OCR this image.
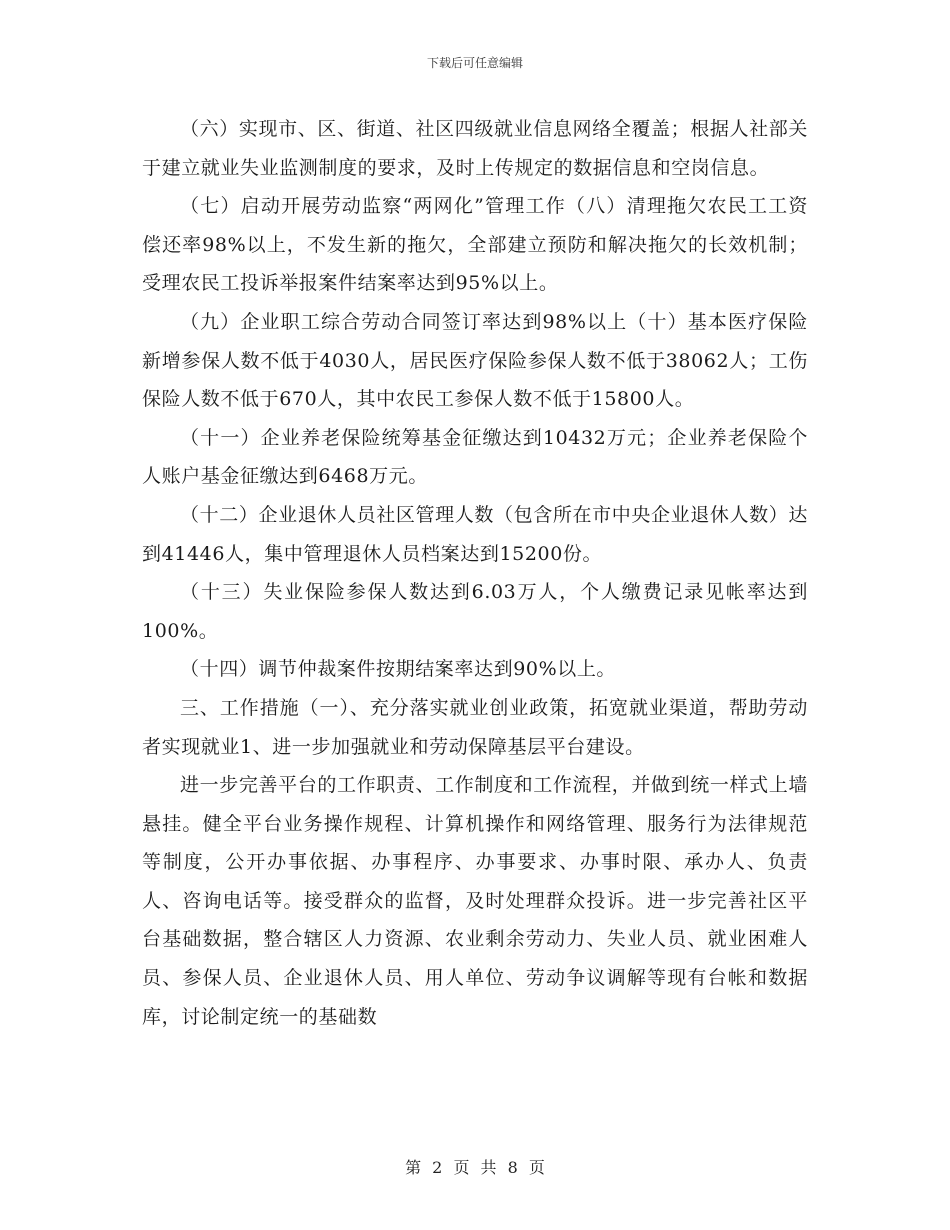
下载后可任意编辑

（六）实现市、区、街道、社区四级就业信息网络全覆盖；根据人社部关于建立就业失业监测制度的要求，及时上传规定的数据信息和空岗信息。

（七）启动开展劳动监察“两网化”管理工作（八）清理拖欠农民工工资偿还率98%以上，不发生新的拖欠，全部建立预防和解决拖欠的长效机制；受理农民工投诉举报案件结案率达到95%以上。

（九）企业职工综合劳动合同签订率达到98%以上（十）基本医疗保险新增参保人数不低于4030人，居民医疗保险参保人数不低于38062人；工伤保险人数不低于670人，其中农民工参保人数不低于15800人。

（十一）企业养老保险统筹基金征缴达到10432万元；企业养老保险个人账户基金征缴达到6468万元。

（十二）企业退休人员社区管理人数（包含所在市中央企业退休人数）达到41446人，集中管理退休人员档案达到15200份。

（十三）失业保险参保人数达到6.03万人，个人缴费记录见帐率达到100%。

（十四）调节仲裁案件按期结案率达到90%以上。

三、工作措施（一）、充分落实就业创业政策，拓宽就业渠道，帮助劳动者实现就业1、进一步加强就业和劳动保障基层平台建设。

进一步完善平台的工作职责、工作制度和工作流程，并做到统一样式上墙悬挂。健全平台业务操作规程、计算机操作和网络管理、服务行为法律规范等制度，公开办事依据、办事程序、办事要求、办事时限、承办人、负责人、咨询电话等。接受群众的监督，及时处理群众投诉。进一步完善社区平台基础数据，整合辖区人力资源、农业剩余劳动力、失业人员、就业困难人员、参保人员、企业退休人员、用人单位、劳动争议调解等现有台帐和数据库，讨论制定统一的基础数

第 2 页 共 8 页
